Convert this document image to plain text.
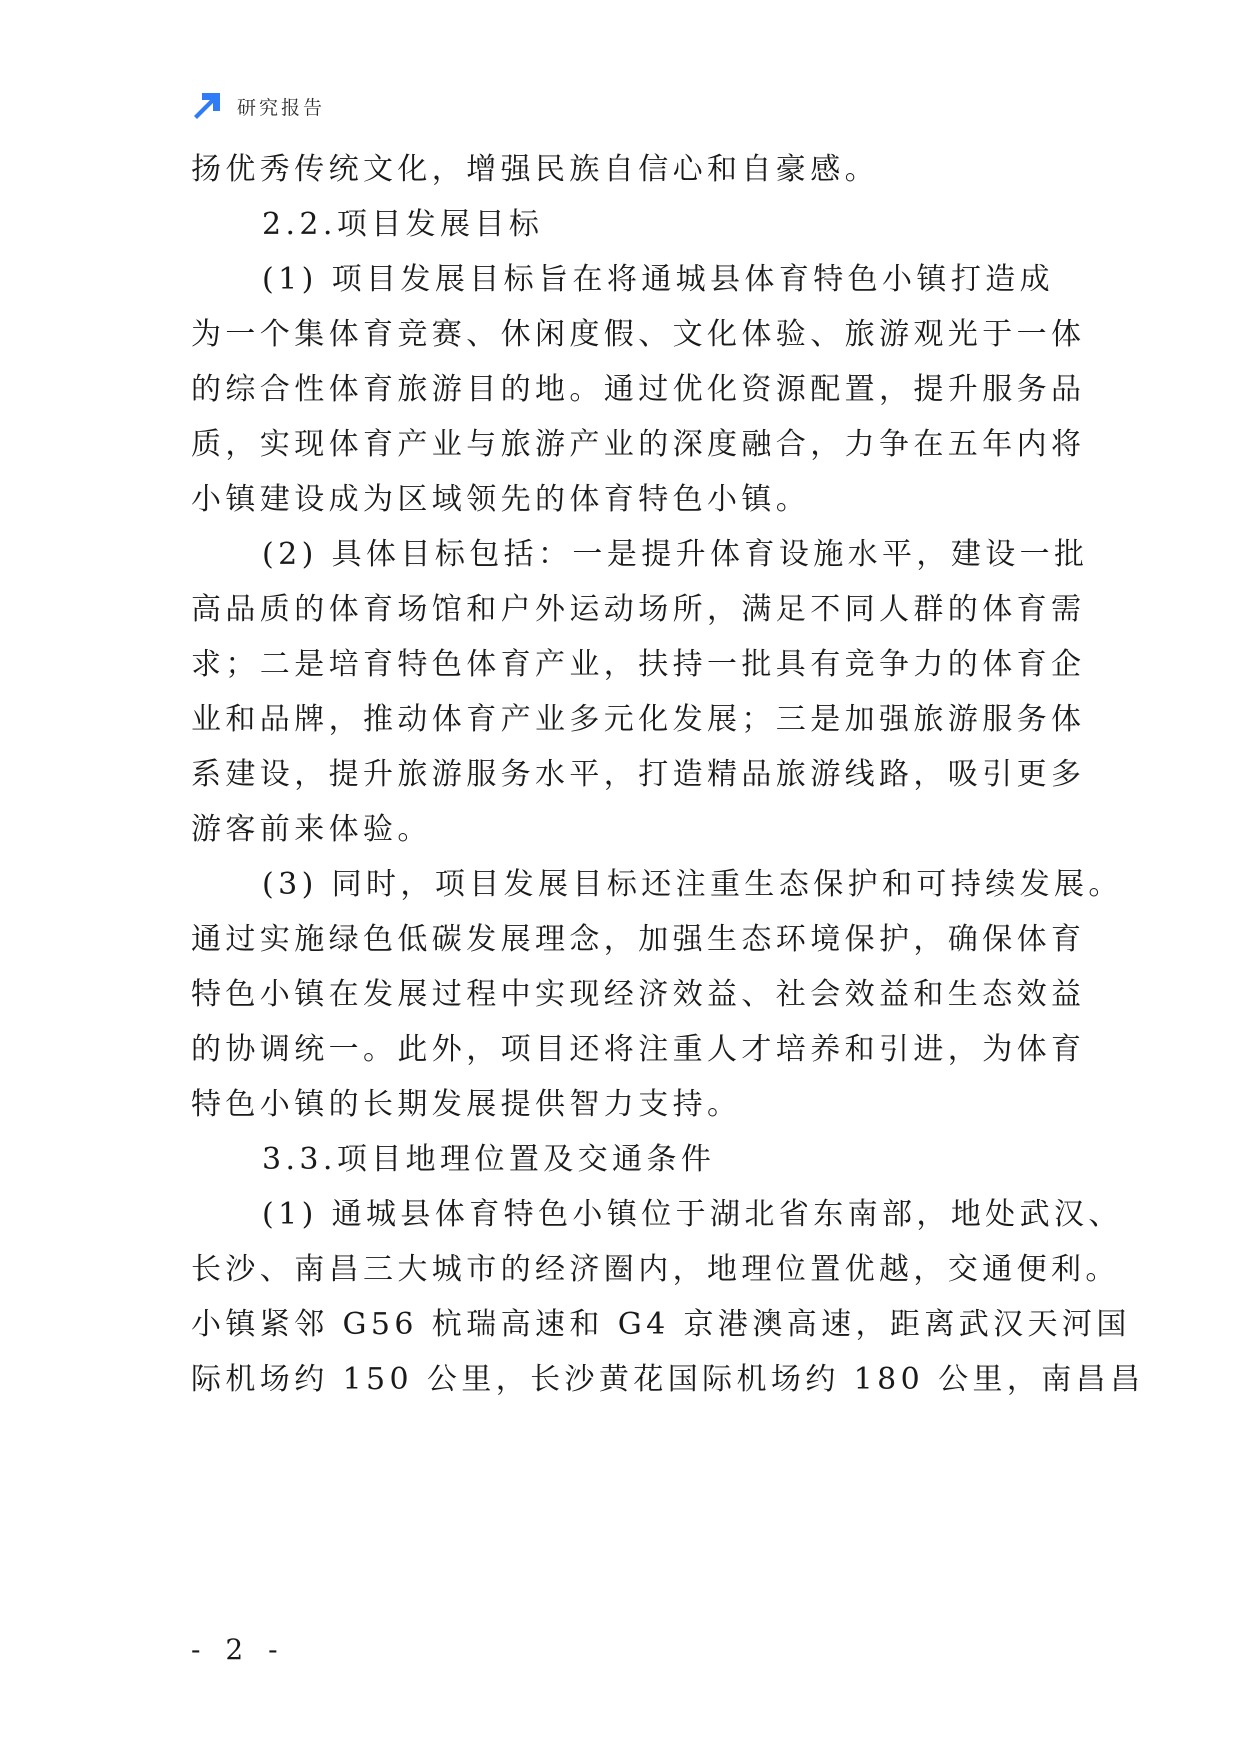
研究报告
扬优秀传统文化，增强民族自信心和自豪感。
2.2.项目发展目标
(1) 项目发展目标旨在将通城县体育特色小镇打造成
为一个集体育竞赛、休闲度假、文化体验、旅游观光于一体
的综合性体育旅游目的地。通过优化资源配置，提升服务品
质，实现体育产业与旅游产业的深度融合，力争在五年内将
小镇建设成为区域领先的体育特色小镇。
(2) 具体目标包括：一是提升体育设施水平，建设一批
高品质的体育场馆和户外运动场所，满足不同人群的体育需
求；二是培育特色体育产业，扶持一批具有竞争力的体育企
业和品牌，推动体育产业多元化发展；三是加强旅游服务体
系建设，提升旅游服务水平，打造精品旅游线路，吸引更多
游客前来体验。
(3) 同时，项目发展目标还注重生态保护和可持续发展。
通过实施绿色低碳发展理念，加强生态环境保护，确保体育
特色小镇在发展过程中实现经济效益、社会效益和生态效益
的协调统一。此外，项目还将注重人才培养和引进，为体育
特色小镇的长期发展提供智力支持。
3.3.项目地理位置及交通条件
(1) 通城县体育特色小镇位于湖北省东南部，地处武汉、
长沙、南昌三大城市的经济圈内，地理位置优越，交通便利。
小镇紧邻 G56 杭瑞高速和 G4 京港澳高速，距离武汉天河国
际机场约 150 公里，长沙黄花国际机场约 180 公里，南昌昌
- 2 -
